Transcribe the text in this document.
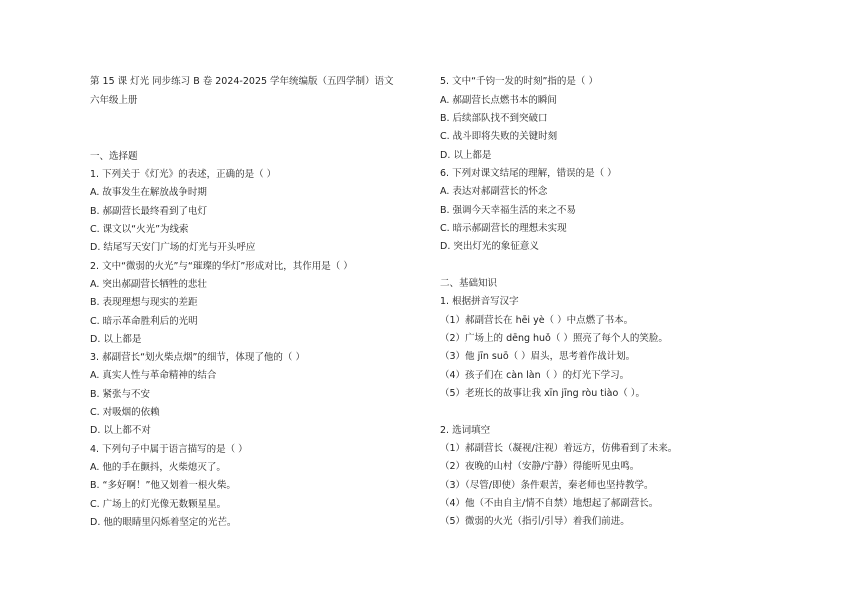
第 15 课 灯光 同步练习 B 卷 2024-2025 学年统编版（五四学制）语文
六年级上册
一、选择题
1. 下列关于《灯光》的表述，正确的是（ ）
A. 故事发生在解放战争时期
B. 郝副营长最终看到了电灯
C. 课文以“火光”为线索
D. 结尾写天安门广场的灯光与开头呼应
2. 文中“微弱的火光”与“璀璨的华灯”形成对比，其作用是（ ）
A. 突出郝副营长牺牲的悲壮
B. 表现理想与现实的差距
C. 暗示革命胜利后的光明
D. 以上都是
3. 郝副营长“划火柴点烟”的细节，体现了他的（ ）
A. 真实人性与革命精神的结合
B. 紧张与不安
C. 对吸烟的依赖
D. 以上都不对
4. 下列句子中属于语言描写的是（ ）
A. 他的手在颤抖，火柴熄灭了。
B. “多好啊！”他又划着一根火柴。
C. 广场上的灯光像无数颗星星。
D. 他的眼睛里闪烁着坚定的光芒。
5. 文中“千钧一发的时刻”指的是（ ）
A. 郝副营长点燃书本的瞬间
B. 后续部队找不到突破口
C. 战斗即将失败的关键时刻
D. 以上都是
6. 下列对课文结尾的理解，错误的是（ ）
A. 表达对郝副营长的怀念
B. 强调今天幸福生活的来之不易
C. 暗示郝副营长的理想未实现
D. 突出灯光的象征意义
二、基础知识
1. 根据拼音写汉字
（1）郝副营长在 hēi yè（ ）中点燃了书本。
（2）广场上的 dēng huǒ（ ）照亮了每个人的笑脸。
（3）他 jīn suō（ ）眉头，思考着作战计划。
（4）孩子们在 càn làn（ ）的灯光下学习。
（5）老班长的故事让我 xīn jīng ròu tiào（ ）。
2. 选词填空
（1）郝副营长（凝视/注视）着远方，仿佛看到了未来。
（2）夜晚的山村（安静/宁静）得能听见虫鸣。
（3）（尽管/即使）条件艰苦，秦老师也坚持教学。
（4）他（不由自主/情不自禁）地想起了郝副营长。
（5）微弱的火光（指引/引导）着我们前进。
